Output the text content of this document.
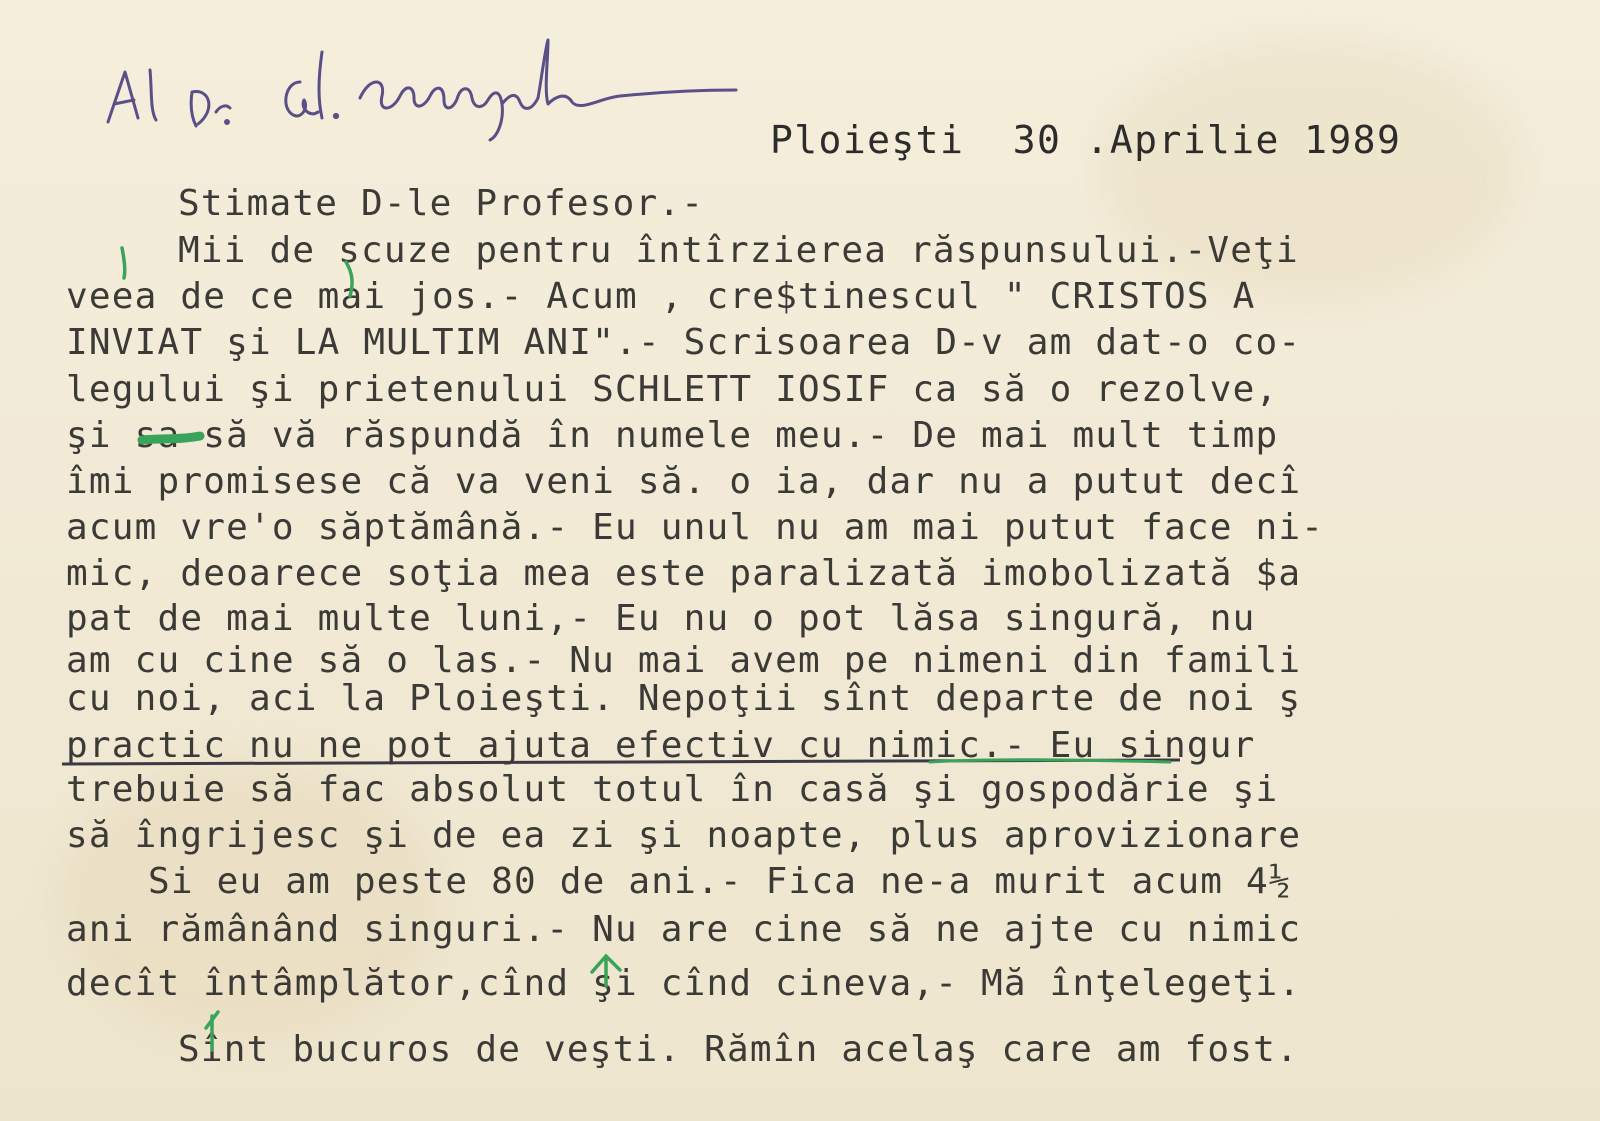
Ploieşti  30 .Aprilie 1989
Stimate D-le Profesor.-
Mii de scuze pentru întîrzierea răspunsului.-Veţi
veea de ce mai jos.- Acum , cre$tinescul " CRISTOS A
INVIAT şi LA MULTIM ANI".- Scrisoarea D-v am dat-o co-
legului şi prietenului SCHLETT IOSIF ca să o rezolve,
şi sa să vă răspundă în numele meu.- De mai mult timp
îmi promisese că va veni să. o ia, dar nu a putut decî
acum vre'o săptămână.- Eu unul nu am mai putut face ni-
mic, deoarece soţia mea este paralizată imobolizată $a
pat de mai multe luni,- Eu nu o pot lăsa singură, nu
am cu cine să o las.- Nu mai avem pe nimeni din famili
cu noi, aci la Ploieşti. Nepoţii sînt departe de noi ş
practic nu ne pot ajuta efectiv cu nimic.- Eu singur
trebuie să fac absolut totul în casă şi gospodărie şi
să îngrijesc şi de ea zi şi noapte, plus aprovizionare
Si eu am peste 80 de ani.- Fica ne-a murit acum 4½
ani rămânând singuri.- Nu are cine să ne ajte cu nimic
decît întâmplător,cînd şi cînd cineva,- Mă înţelegeţi.
Sînt bucuros de veşti. Rămîn acelaş care am fost.
